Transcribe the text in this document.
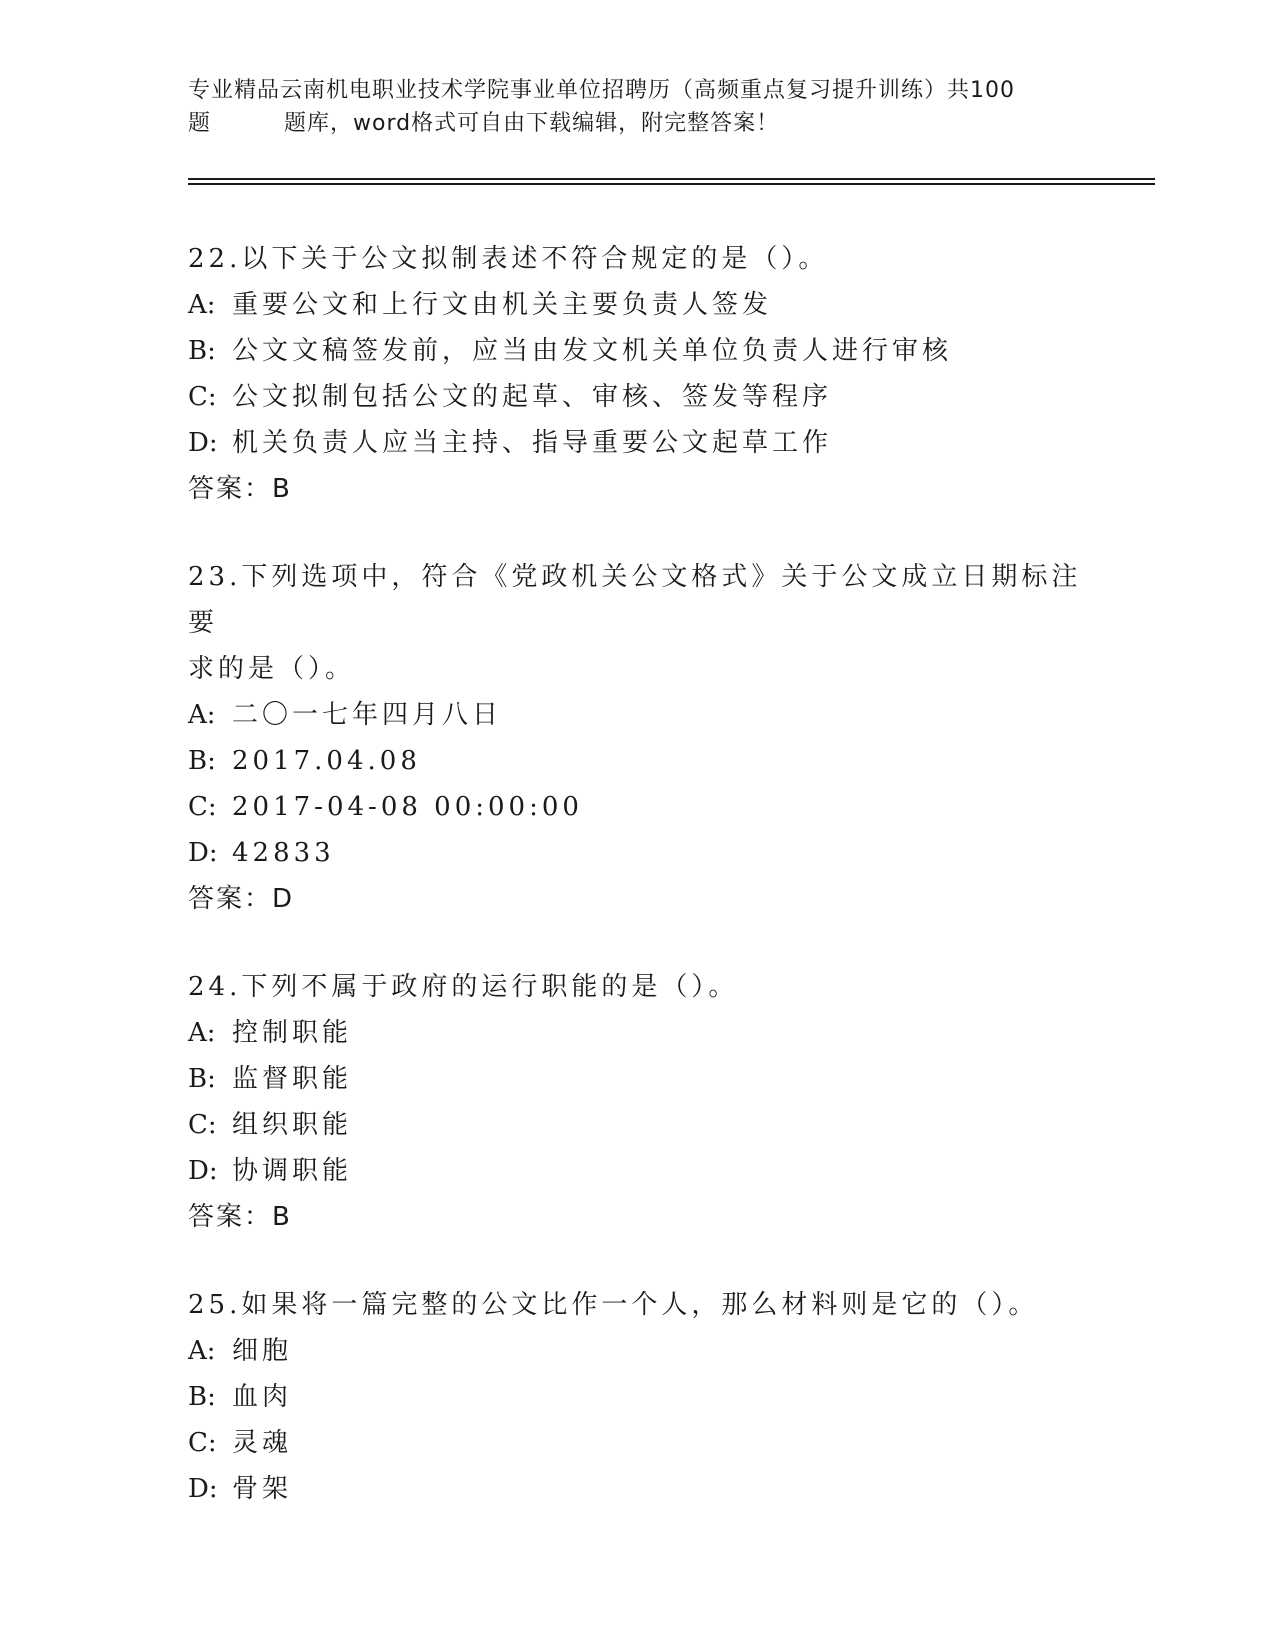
专业精品云南机电职业技术学院事业单位招聘历（高频重点复习提升训练）共100
题	题库，word格式可自由下载编辑，附完整答案！
22.以下关于公文拟制表述不符合规定的是（）。
A: 重要公文和上行文由机关主要负责人签发
B: 公文文稿签发前，应当由发文机关单位负责人进行审核
C: 公文拟制包括公文的起草、审核、签发等程序
D: 机关负责人应当主持、指导重要公文起草工作
答案：B
23.下列选项中，符合《党政机关公文格式》关于公文成立日期标注要
求的是（）。
A: 二〇一七年四月八日
B: 2017.04.08
C: 2017-04-08 00:00:00
D: 42833
答案：D
24.下列不属于政府的运行职能的是（）。
A: 控制职能
B: 监督职能
C: 组织职能
D: 协调职能
答案：B
25.如果将一篇完整的公文比作一个人，那么材料则是它的（）。
A: 细胞
B: 血肉
C: 灵魂
D: 骨架
